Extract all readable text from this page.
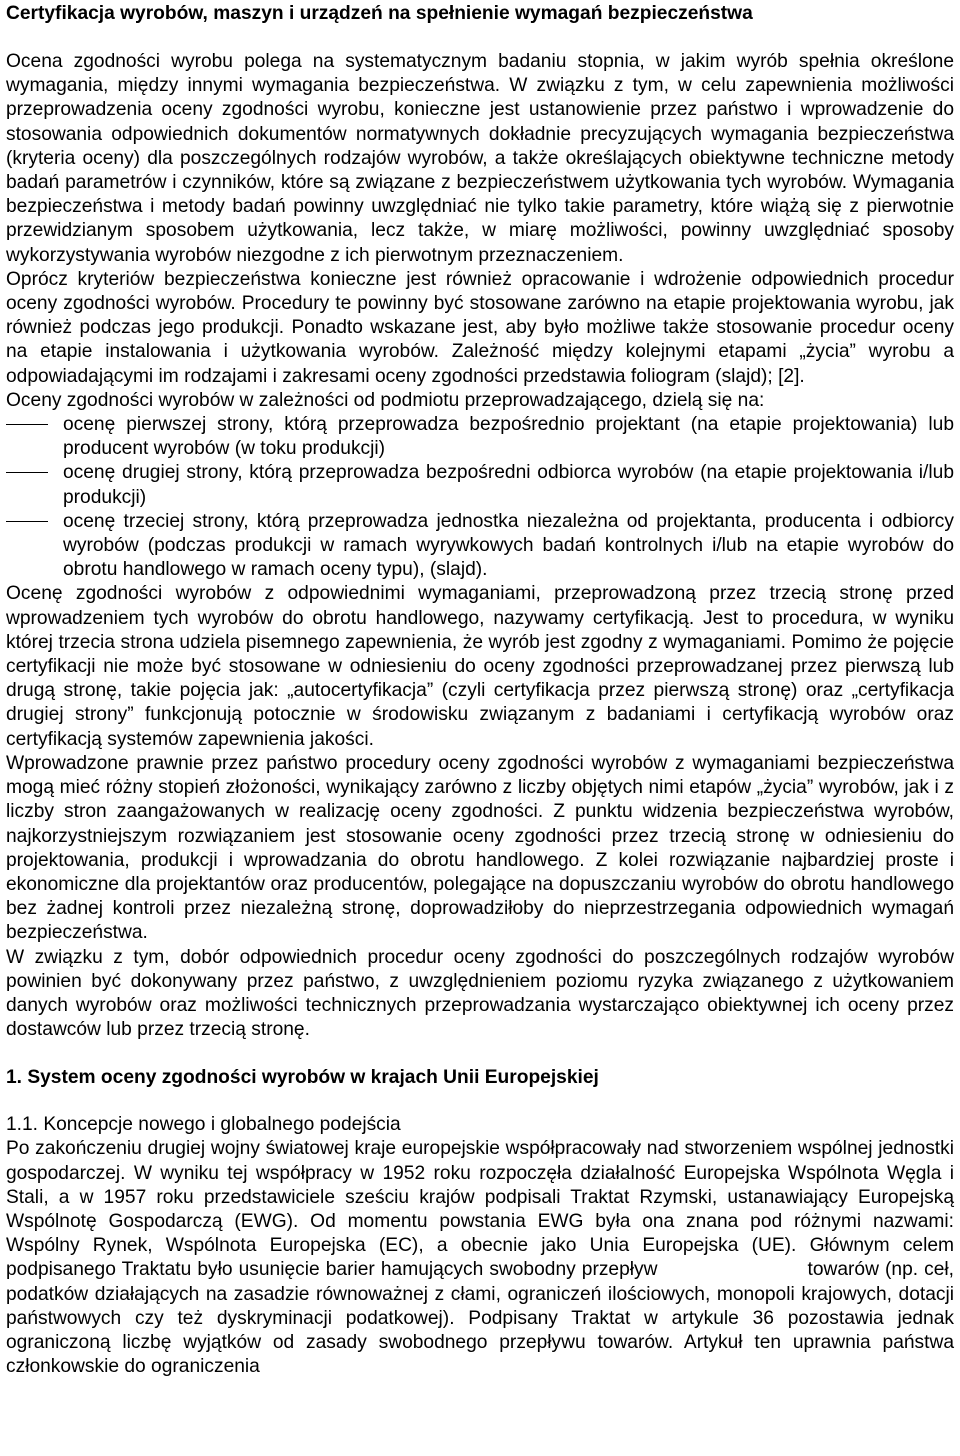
Certyfikacja wyrobów, maszyn i urządzeń na spełnienie wymagań bezpieczeństwa

Ocena zgodności wyrobu polega na systematycznym badaniu stopnia, w jakim wyrób spełnia określone wymagania, między innymi wymagania bezpieczeństwa. W związku z tym, w celu zapewnienia możliwości przeprowadzenia oceny zgodności wyrobu, konieczne jest ustanowienie przez państwo i wprowadzenie do stosowania odpowiednich dokumentów normatywnych dokładnie precyzujących wymagania bezpieczeństwa (kryteria oceny) dla poszczególnych rodzajów wyrobów, a także określających obiektywne techniczne metody badań parametrów i czynników, które są związane z bezpieczeństwem użytkowania tych wyrobów. Wymagania bezpieczeństwa i metody badań powinny uwzględniać nie tylko takie parametry, które wiążą się z pierwotnie przewidzianym sposobem użytkowania, lecz także, w miarę możliwości, powinny uwzględniać sposoby wykorzystywania wyrobów niezgodne z ich pierwotnym przeznaczeniem.

Oprócz kryteriów bezpieczeństwa konieczne jest również opracowanie i wdrożenie odpowiednich procedur oceny zgodności wyrobów. Procedury te powinny być stosowane zarówno na etapie projektowania wyrobu, jak również podczas jego produkcji. Ponadto wskazane jest, aby było możliwe także stosowanie procedur oceny na etapie instalowania i użytkowania wyrobów. Zależność między kolejnymi etapami „życia” wyrobu a odpowiadającymi im rodzajami i zakresami oceny zgodności przedstawia foliogram (slajd); [2].

Oceny zgodności wyrobów w zależności od podmiotu przeprowadzającego, dzielą się na:

ocenę pierwszej strony, którą przeprowadza bezpośrednio projektant (na etapie projektowania) lub producent wyrobów (w toku produkcji)
ocenę drugiej strony, którą przeprowadza bezpośredni odbiorca wyrobów (na etapie projektowania i/lub produkcji)
ocenę trzeciej strony, którą przeprowadza jednostka niezależna od projektanta, producenta i odbiorcy wyrobów (podczas produkcji w ramach wyrywkowych badań kontrolnych i/lub na etapie wyrobów do obrotu handlowego w ramach oceny typu), (slajd).

Ocenę zgodności wyrobów z odpowiednimi wymaganiami, przeprowadzoną przez trzecią stronę przed wprowadzeniem tych wyrobów do obrotu handlowego, nazywamy certyfikacją. Jest to procedura, w wyniku której trzecia strona udziela pisemnego zapewnienia, że wyrób jest zgodny z wymaganiami. Pomimo że pojęcie certyfikacji nie może być stosowane w odniesieniu do oceny zgodności przeprowadzanej przez pierwszą lub drugą stronę, takie pojęcia jak: „autocertyfikacja” (czyli certyfikacja przez pierwszą stronę) oraz „certyfikacja drugiej strony” funkcjonują potocznie w środowisku związanym z badaniami i certyfikacją wyrobów oraz certyfikacją systemów zapewnienia jakości.

Wprowadzone prawnie przez państwo procedury oceny zgodności wyrobów z wymaganiami bezpieczeństwa mogą mieć różny stopień złożoności, wynikający zarówno z liczby objętych nimi etapów „życia” wyrobów, jak i z liczby stron zaangażowanych w realizację oceny zgodności. Z punktu widzenia bezpieczeństwa wyrobów, najkorzystniejszym rozwiązaniem jest stosowanie oceny zgodności przez trzecią stronę w odniesieniu do projektowania, produkcji i wprowadzania do obrotu handlowego. Z kolei rozwiązanie najbardziej proste i ekonomiczne dla projektantów oraz producentów, polegające na dopuszczaniu wyrobów do obrotu handlowego bez żadnej kontroli przez niezależną stronę, doprowadziłoby do nieprzestrzegania odpowiednich wymagań bezpieczeństwa.

W związku z tym, dobór odpowiednich procedur oceny zgodności do poszczególnych rodzajów wyrobów powinien być dokonywany przez państwo, z uwzględnieniem poziomu ryzyka związanego z użytkowaniem danych wyrobów oraz możliwości technicznych przeprowadzania wystarczająco obiektywnej ich oceny przez dostawców lub przez trzecią stronę.

1. System oceny zgodności wyrobów w krajach Unii Europejskiej
1.1. Koncepcje nowego i globalnego podejścia

Po zakończeniu drugiej wojny światowej kraje europejskie współpracowały nad stworzeniem wspólnej jednostki gospodarczej. W wyniku tej współpracy w 1952 roku rozpoczęła działalność Europejska Wspólnota Węgla i Stali, a w 1957 roku przedstawiciele sześciu krajów podpisali Traktat Rzymski, ustanawiający Europejską Wspólnotę Gospodarczą (EWG). Od momentu powstania EWG była ona znana pod różnymi nazwami: Wspólny Rynek, Wspólnota Europejska (EC), a obecnie jako Unia Europejska (UE). Głównym celem podpisanego Traktatu było usunięcie barier hamujących swobodny przepływ	towarów (np. ceł, podatków działających na zasadzie równoważnej z cłami, ograniczeń ilościowych, monopoli krajowych, dotacji państwowych czy też dyskryminacji podatkowej). Podpisany Traktat w artykule 36 pozostawia jednak ograniczoną liczbę wyjątków od zasady swobodnego przepływu towarów. Artykuł ten uprawnia państwa członkowskie do ograniczenia
